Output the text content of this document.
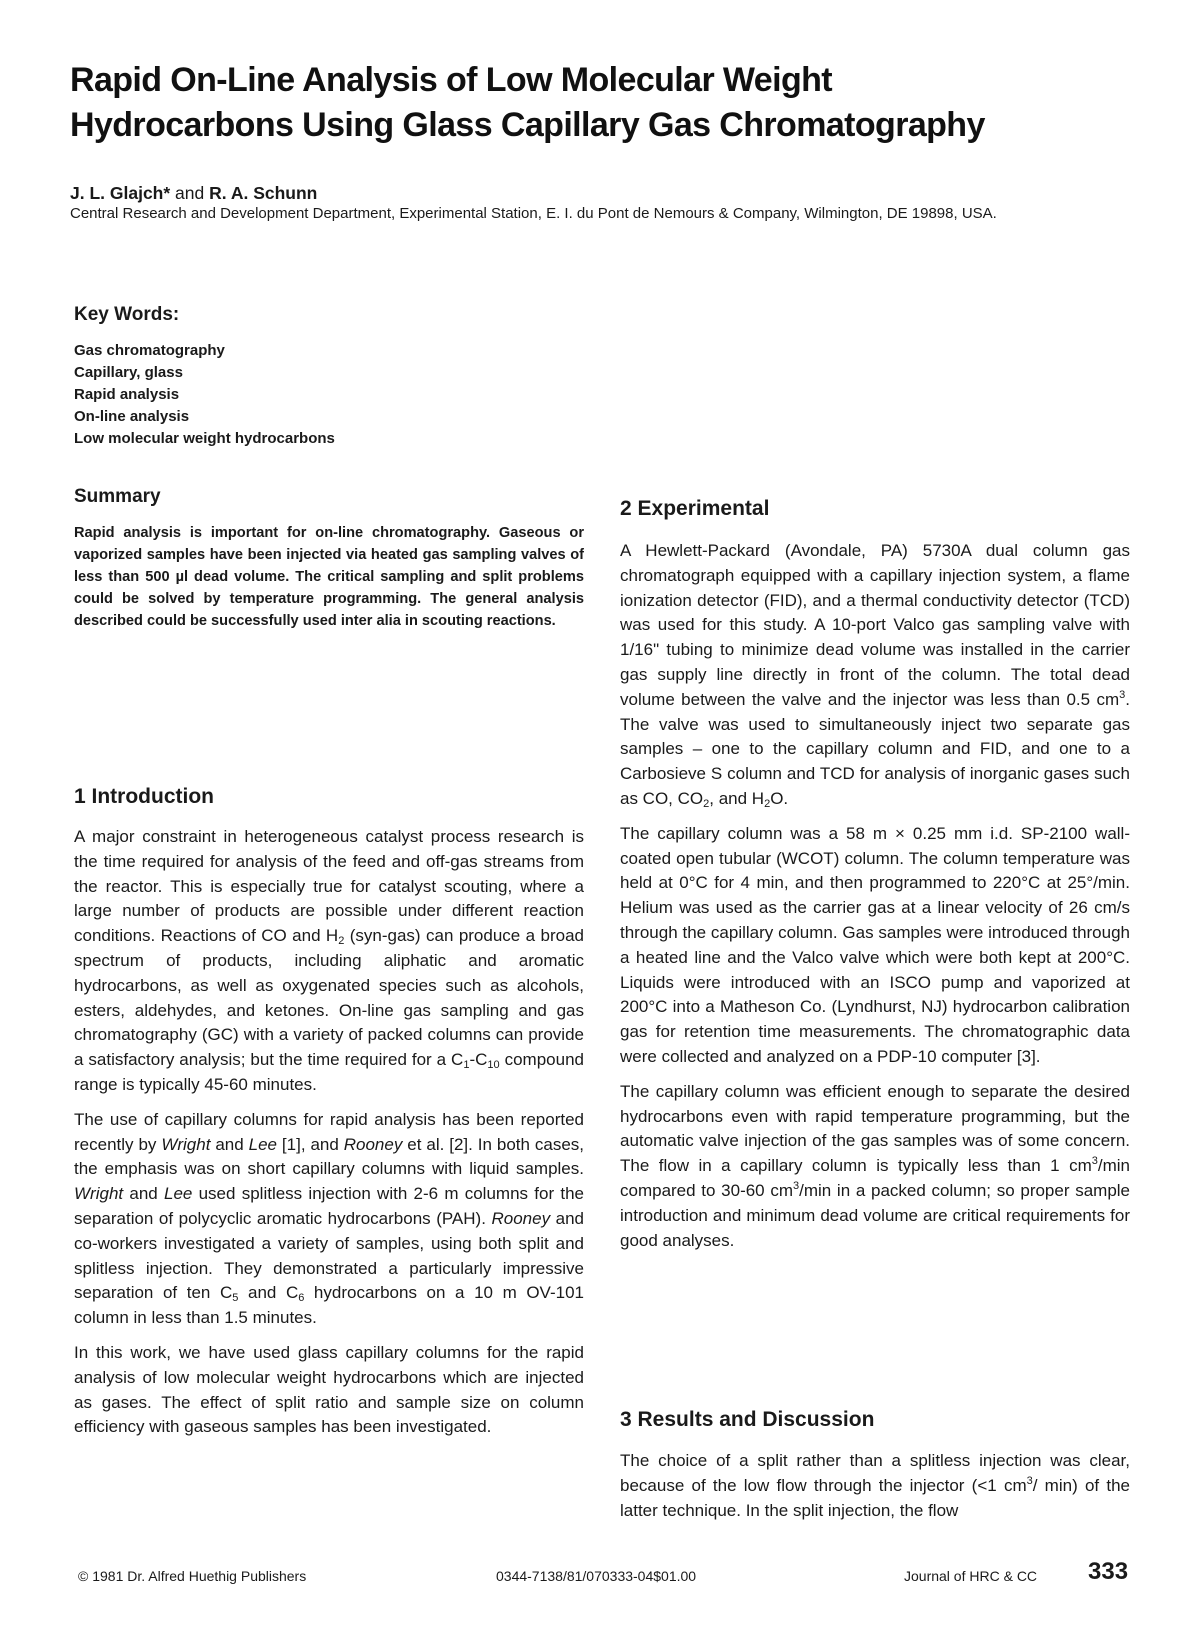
Rapid On-Line Analysis of Low Molecular Weight
Hydrocarbons Using Glass Capillary Gas Chromatography

J. L. Glajch* and R. A. Schunn

Central Research and Development Department, Experimental Station, E. I. du Pont de Nemours & Company, Wilmington, DE 19898, USA.

Key Words:
Gas chromatography
Capillary, glass
Rapid analysis
On-line analysis
Low molecular weight hydrocarbons
Summary

Rapid analysis is important for on-line chromatography. Gaseous or vaporized samples have been injected via heated gas sampling valves of less than 500 µl dead volume. The critical sampling and split problems could be solved by temperature programming. The general analysis described could be successfully used inter alia in scouting reactions.

1 Introduction

A major constraint in heterogeneous catalyst process research is the time required for analysis of the feed and off-gas streams from the reactor. This is especially true for catalyst scouting, where a large number of products are possible under different reaction conditions. Reactions of CO and $H_2$ (syn-gas) can produce a broad spectrum of products, including aliphatic and aromatic hydrocarbons, as well as oxygenated species such as alcohols, esters, aldehydes, and ketones. On-line gas sampling and gas chromatography (GC) with a variety of packed columns can provide a satisfactory analysis; but the time required for a $C_1-C_{10}$ compound range is typically 45-60 minutes.

The use of capillary columns for rapid analysis has been reported recently by Wright and Lee [1], and Rooney et al. [2]. In both cases, the emphasis was on short capillary columns with liquid samples. Wright and Lee used splitless injection with 2-6 m columns for the separation of polycyclic aromatic hydrocarbons (PAH). Rooney and co-workers investigated a variety of samples, using both split and splitless injection. They demonstrated a particularly impressive separation of ten $C_5$ and $C_6$ hydrocarbons on a 10 m OV-101 column in less than 1.5 minutes.

In this work, we have used glass capillary columns for the rapid analysis of low molecular weight hydrocarbons which are injected as gases. The effect of split ratio and sample size on column efficiency with gaseous samples has been investigated.

2 Experimental

A Hewlett-Packard (Avondale, PA) 5730A dual column gas chromatograph equipped with a capillary injection system, a flame ionization detector (FID), and a thermal conductivity detector (TCD) was used for this study. A 10-port Valco gas sampling valve with 1/16" tubing to minimize dead volume was installed in the carrier gas supply line directly in front of the column. The total dead volume between the valve and the injector was less than 0.5 $cm^3$. The valve was used to simultaneously inject two separate gas samples – one to the capillary column and FID, and one to a Carbosieve S column and TCD for analysis of inorganic gases such as CO, $CO_2$, and $H_2O$.

The capillary column was a 58 m × 0.25 mm i.d. SP-2100 wall-coated open tubular (WCOT) column. The column temperature was held at 0°C for 4 min, and then programmed to 220°C at 25°/min. Helium was used as the carrier gas at a linear velocity of 26 cm/s through the capillary column. Gas samples were introduced through a heated line and the Valco valve which were both kept at 200°C. Liquids were introduced with an ISCO pump and vaporized at 200°C into a Matheson Co. (Lyndhurst, NJ) hydrocarbon calibration gas for retention time measurements. The chromatographic data were collected and analyzed on a PDP-10 computer [3].

The capillary column was efficient enough to separate the desired hydrocarbons even with rapid temperature programming, but the automatic valve injection of the gas samples was of some concern. The flow in a capillary column is typically less than 1 $cm^3/\min$ compared to 30-60 $cm^3/\min$ in a packed column; so proper sample introduction and minimum dead volume are critical requirements for good analyses.

3 Results and Discussion

The choice of a split rather than a splitless injection was clear, because of the low flow through the injector (<1 $cm^3/$ min) of the latter technique. In the split injection, the flow

© 1981 Dr. Alfred Huethig Publishers	0344-7138/81/070333-04$01.00	Journal of HRC & CC 333
